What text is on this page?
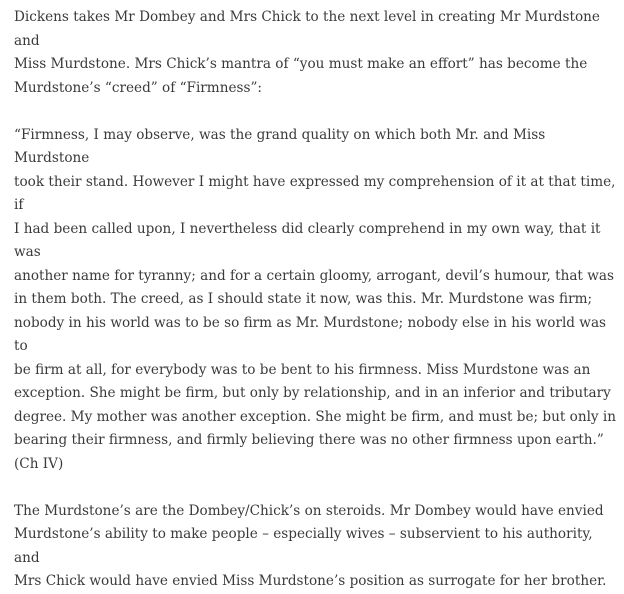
Dickens takes Mr Dombey and Mrs Chick to the next level in creating Mr Murdstone and
Miss Murdstone. Mrs Chick’s mantra of “you must make an effort” has become the
Murdstone’s “creed” of “Firmness”:

“Firmness, I may observe, was the grand quality on which both Mr. and Miss Murdstone
took their stand. However I might have expressed my comprehension of it at that time, if
I had been called upon, I nevertheless did clearly comprehend in my own way, that it was
another name for tyranny; and for a certain gloomy, arrogant, devil’s humour, that was
in them both. The creed, as I should state it now, was this. Mr. Murdstone was firm;
nobody in his world was to be so firm as Mr. Murdstone; nobody else in his world was to
be firm at all, for everybody was to be bent to his firmness. Miss Murdstone was an
exception. She might be firm, but only by relationship, and in an inferior and tributary
degree. My mother was another exception. She might be firm, and must be; but only in
bearing their firmness, and firmly believing there was no other firmness upon earth.”
(Ch IV)

The Murdstone’s are the Dombey/Chick’s on steroids. Mr Dombey would have envied
Murdstone’s ability to make people – especially wives – subservient to his authority, and
Mrs Chick would have envied Miss Murdstone’s position as surrogate for her brother.
